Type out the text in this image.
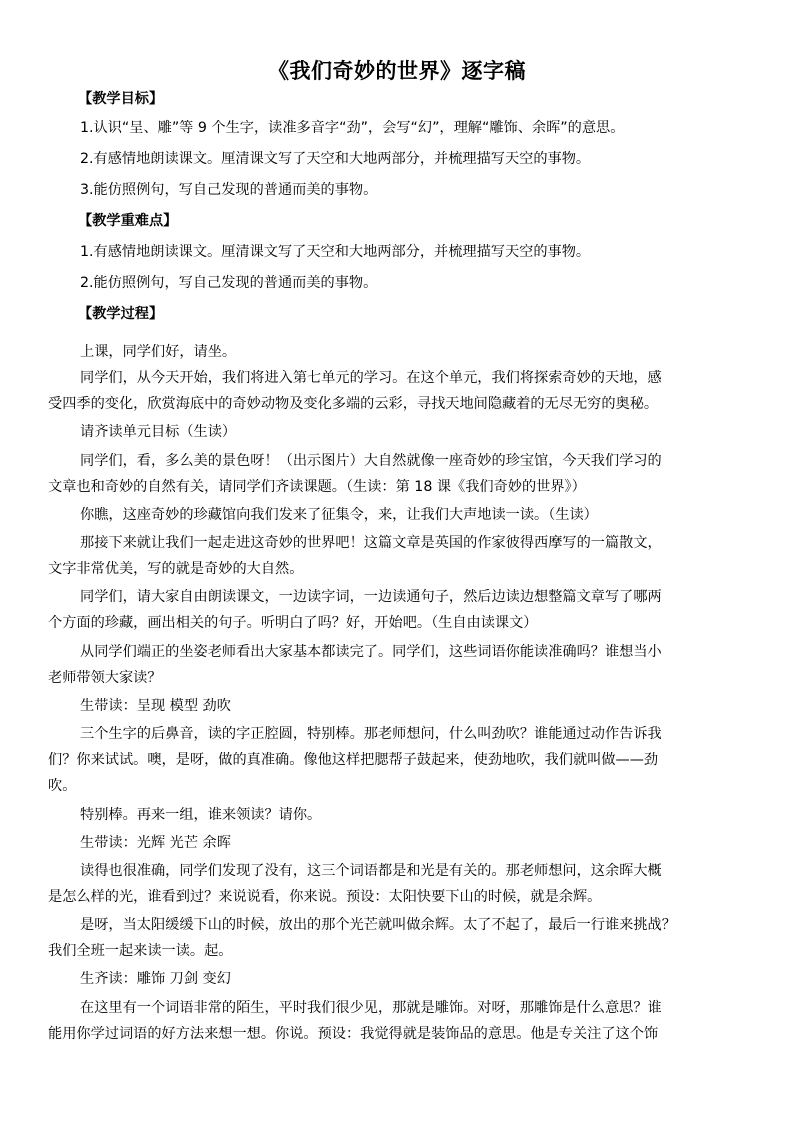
《我们奇妙的世界》逐字稿
【教学目标】
1.认识“呈、雕”等 9 个生字，读准多音字“劲”，会写“幻”，理解“雕饰、余晖”的意思。
2.有感情地朗读课文。厘清课文写了天空和大地两部分，并梳理描写天空的事物。
3.能仿照例句，写自己发现的普通而美的事物。
【教学重难点】
1.有感情地朗读课文。厘清课文写了天空和大地两部分，并梳理描写天空的事物。
2.能仿照例句，写自己发现的普通而美的事物。
【教学过程】
上课，同学们好，请坐。
同学们，从今天开始，我们将进入第七单元的学习。在这个单元，我们将探索奇妙的天地，感
受四季的变化，欣赏海底中的奇妙动物及变化多端的云彩，寻找天地间隐藏着的无尽无穷的奥秘。
请齐读单元目标（生读）
同学们，看，多么美的景色呀！（出示图片）大自然就像一座奇妙的珍宝馆，今天我们学习的
文章也和奇妙的自然有关，请同学们齐读课题。（生读：第 18 课《我们奇妙的世界》）
你瞧，这座奇妙的珍藏馆向我们发来了征集令，来，让我们大声地读一读。（生读）
那接下来就让我们一起走进这奇妙的世界吧！这篇文章是英国的作家彼得西摩写的一篇散文，
文字非常优美，写的就是奇妙的大自然。
同学们，请大家自由朗读课文，一边读字词，一边读通句子，然后边读边想整篇文章写了哪两
个方面的珍藏，画出相关的句子。听明白了吗？好，开始吧。（生自由读课文）
从同学们端正的坐姿老师看出大家基本都读完了。同学们，这些词语你能读准确吗？谁想当小
老师带领大家读？
生带读：呈现 模型 劲吹
三个生字的后鼻音，读的字正腔圆，特别棒。那老师想问，什么叫劲吹？谁能通过动作告诉我
们？你来试试。噢，是呀，做的真准确。像他这样把腮帮子鼓起来，使劲地吹，我们就叫做——劲
吹。
特别棒。再来一组，谁来领读？请你。
生带读：光辉 光芒 余晖
读得也很准确，同学们发现了没有，这三个词语都是和光是有关的。那老师想问，这余晖大概
是怎么样的光，谁看到过？来说说看，你来说。预设：太阳快要下山的时候，就是余辉。
是呀，当太阳缓缓下山的时候，放出的那个光芒就叫做余辉。太了不起了，最后一行谁来挑战？
我们全班一起来读一读。起。
生齐读：雕饰 刀剑 变幻
在这里有一个词语非常的陌生，平时我们很少见，那就是雕饰。对呀，那雕饰是什么意思？谁
能用你学过词语的好方法来想一想。你说。预设：我觉得就是装饰品的意思。他是专关注了这个饰
